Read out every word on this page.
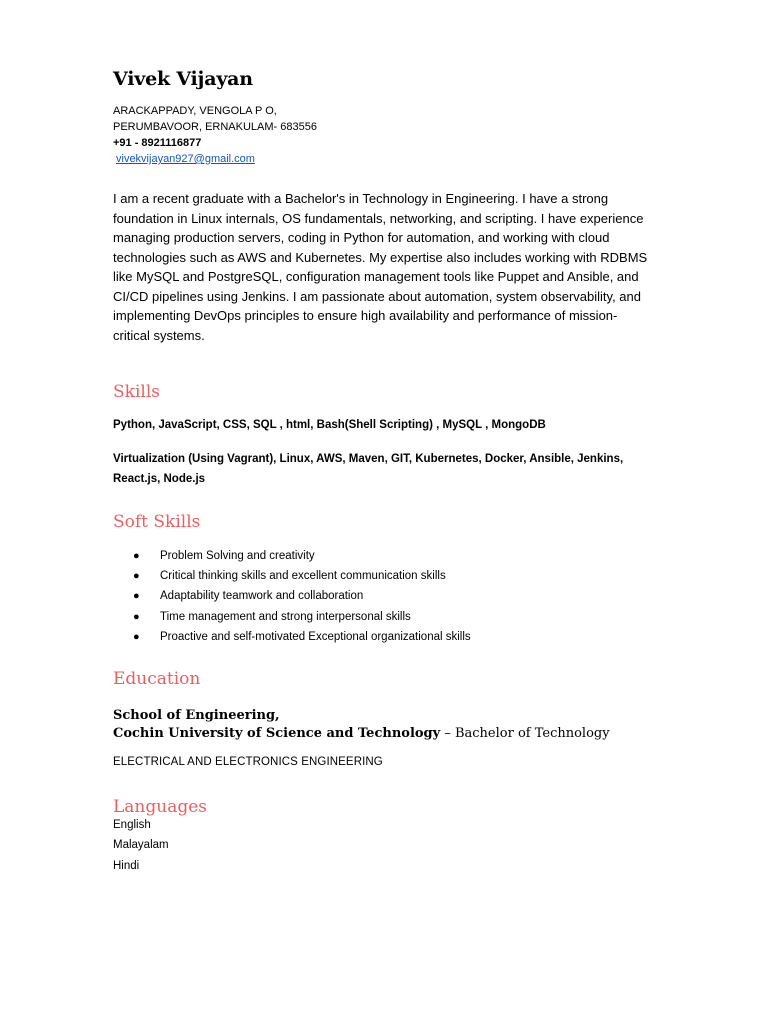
Vivek Vijayan
ARACKAPPADY, VENGOLA P O,
PERUMBAVOOR, ERNAKULAM- 683556
+91 - 8921116877
vivekvijayan927@gmail.com
I am a recent graduate with a Bachelor's in Technology in Engineering. I have a strong foundation in Linux internals, OS fundamentals, networking, and scripting. I have experience managing production servers, coding in Python for automation, and working with cloud technologies such as AWS and Kubernetes. My expertise also includes working with RDBMS like MySQL and PostgreSQL, configuration management tools like Puppet and Ansible, and CI/CD pipelines using Jenkins. I am passionate about automation, system observability, and implementing DevOps principles to ensure high availability and performance of mission-critical systems.
Skills
Python, JavaScript, CSS, SQL , html, Bash(Shell Scripting) , MySQL , MongoDB
Virtualization (Using Vagrant), Linux, AWS, Maven, GIT, Kubernetes, Docker, Ansible, Jenkins, React.js, Node.js
Soft Skills
● Problem Solving and creativity
● Critical thinking skills and excellent communication skills
● Adaptability teamwork and collaboration
● Time management and strong interpersonal skills
● Proactive and self-motivated Exceptional organizational skills
Education
School of Engineering,
Cochin University of Science and Technology – Bachelor of Technology
ELECTRICAL AND ELECTRONICS ENGINEERING
Languages
English
Malayalam
Hindi
